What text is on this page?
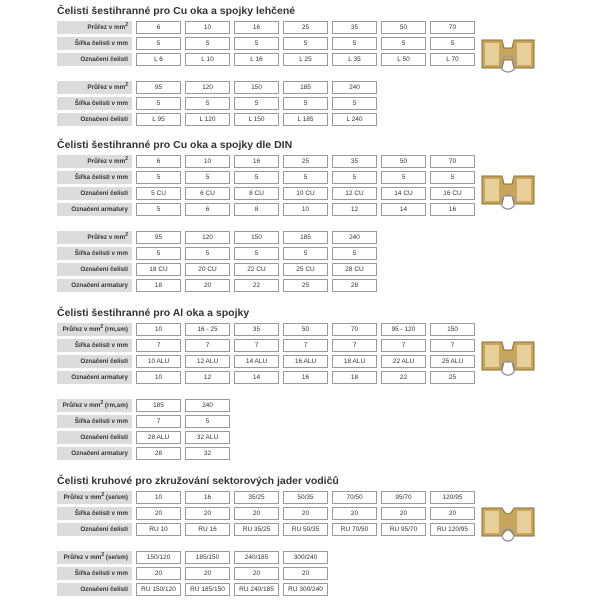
Čelisti šestihranné pro Cu oka a spojky lehčené
Průřez v $mm^2$	6	10	16	25	35	50	70
Šířka čelisti v mm	5	5	5	5	5	5	5
Označení čelisti	L 6	L 10	L 16	L 25	L 35	L 50	L 70
Průřez v $mm^2$	95	120	150	185	240
Šířka čelisti v mm	5	5	5	5	5
Označení čelisti	L 95	L 120	L 150	L 185	L 240
Čelisti šestihranné pro Cu oka a spojky dle DIN
Průřez v $mm^2$	6	10	16	25	35	50	70
Šířka čelisti v mm	5	5	5	5	5	5	5
Označení čelisti	5 CU	6 CU	8 CU	10 CU	12 CU	14 CU	16 CU
Označení armatury	5	6	8	10	12	14	16
Průřez v $mm^2$	95	120	150	185	240
Šířka čelisti v mm	5	5	5	5	5
Označení čelisti	18 CU	20 CU	22 CU	25 CU	28 CU
Označení armatury	18	20	22	25	28
Čelisti šestihranné pro Al oka a spojky
Průřez v $mm^2$ (rm,sm)	10	16 - 25	35	50	70	95 - 120	150
Šířka čelisti v mm	7	7	7	7	7	7	7
Označení čelisti	10 ALU	12 ALU	14 ALU	16 ALU	18 ALU	22 ALU	25 ALU
Označení armatury	10	12	14	16	18	22	25
Průřez v $mm^2$ (rm,sm)	185	240
Šířka čelisti v mm	7	5
Označení čelisti	28 ALU	32 ALU
Označení armatury	28	32
Čelisti kruhové pro zkružování sektorových jader vodičů
Průřez v $mm^2$ (se/sm)	10	16	35/25	50/35	70/50	95/70	120/95
Šířka čelisti v mm	20	20	20	20	20	20	20
Označení čelisti	RU 10	RU 16	RU 35/25	RU 50/35	RU 70/50	RU 95/70	RU 120/95
Průřez v $mm^2$ (se/sm)	150/120	185/150	240/185	300/240
Šířka čelisti v mm	20	20	20	20
Označení čelisti	RU 150/120	RU 185/150	RU 240/185	RU 300/240
